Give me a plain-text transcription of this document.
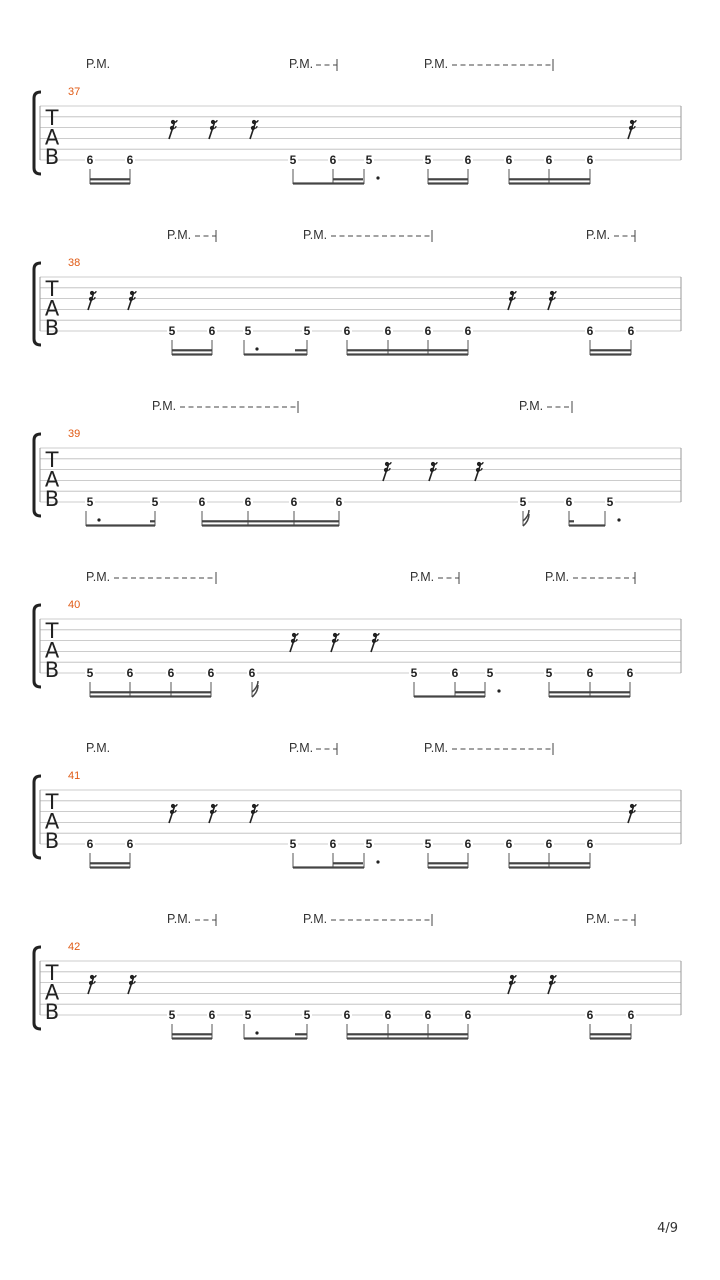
T
A
B
37
P.M.	P.M.	P.M.
6	6	5	6 5	5	6	6	6	6
T
A
B
38
P.M.	P.M.	P.M.
5	6 5	5	6	6	6	6	6	6
T
A
B
39
P.M.	P.M.
5	5	6	6	6	6	5	6	5
T
A
B
40
P.M.	P.M.	P.M.
5	6	6	6	6	5	6 5	5	6	6
T
A
B
41
P.M.	P.M.	P.M.
6	6	5	6 5	5	6	6	6	6
T
A
B
42
P.M.	P.M.	P.M.
5	6 5	5	6	6	6	6	6	6
4/9
